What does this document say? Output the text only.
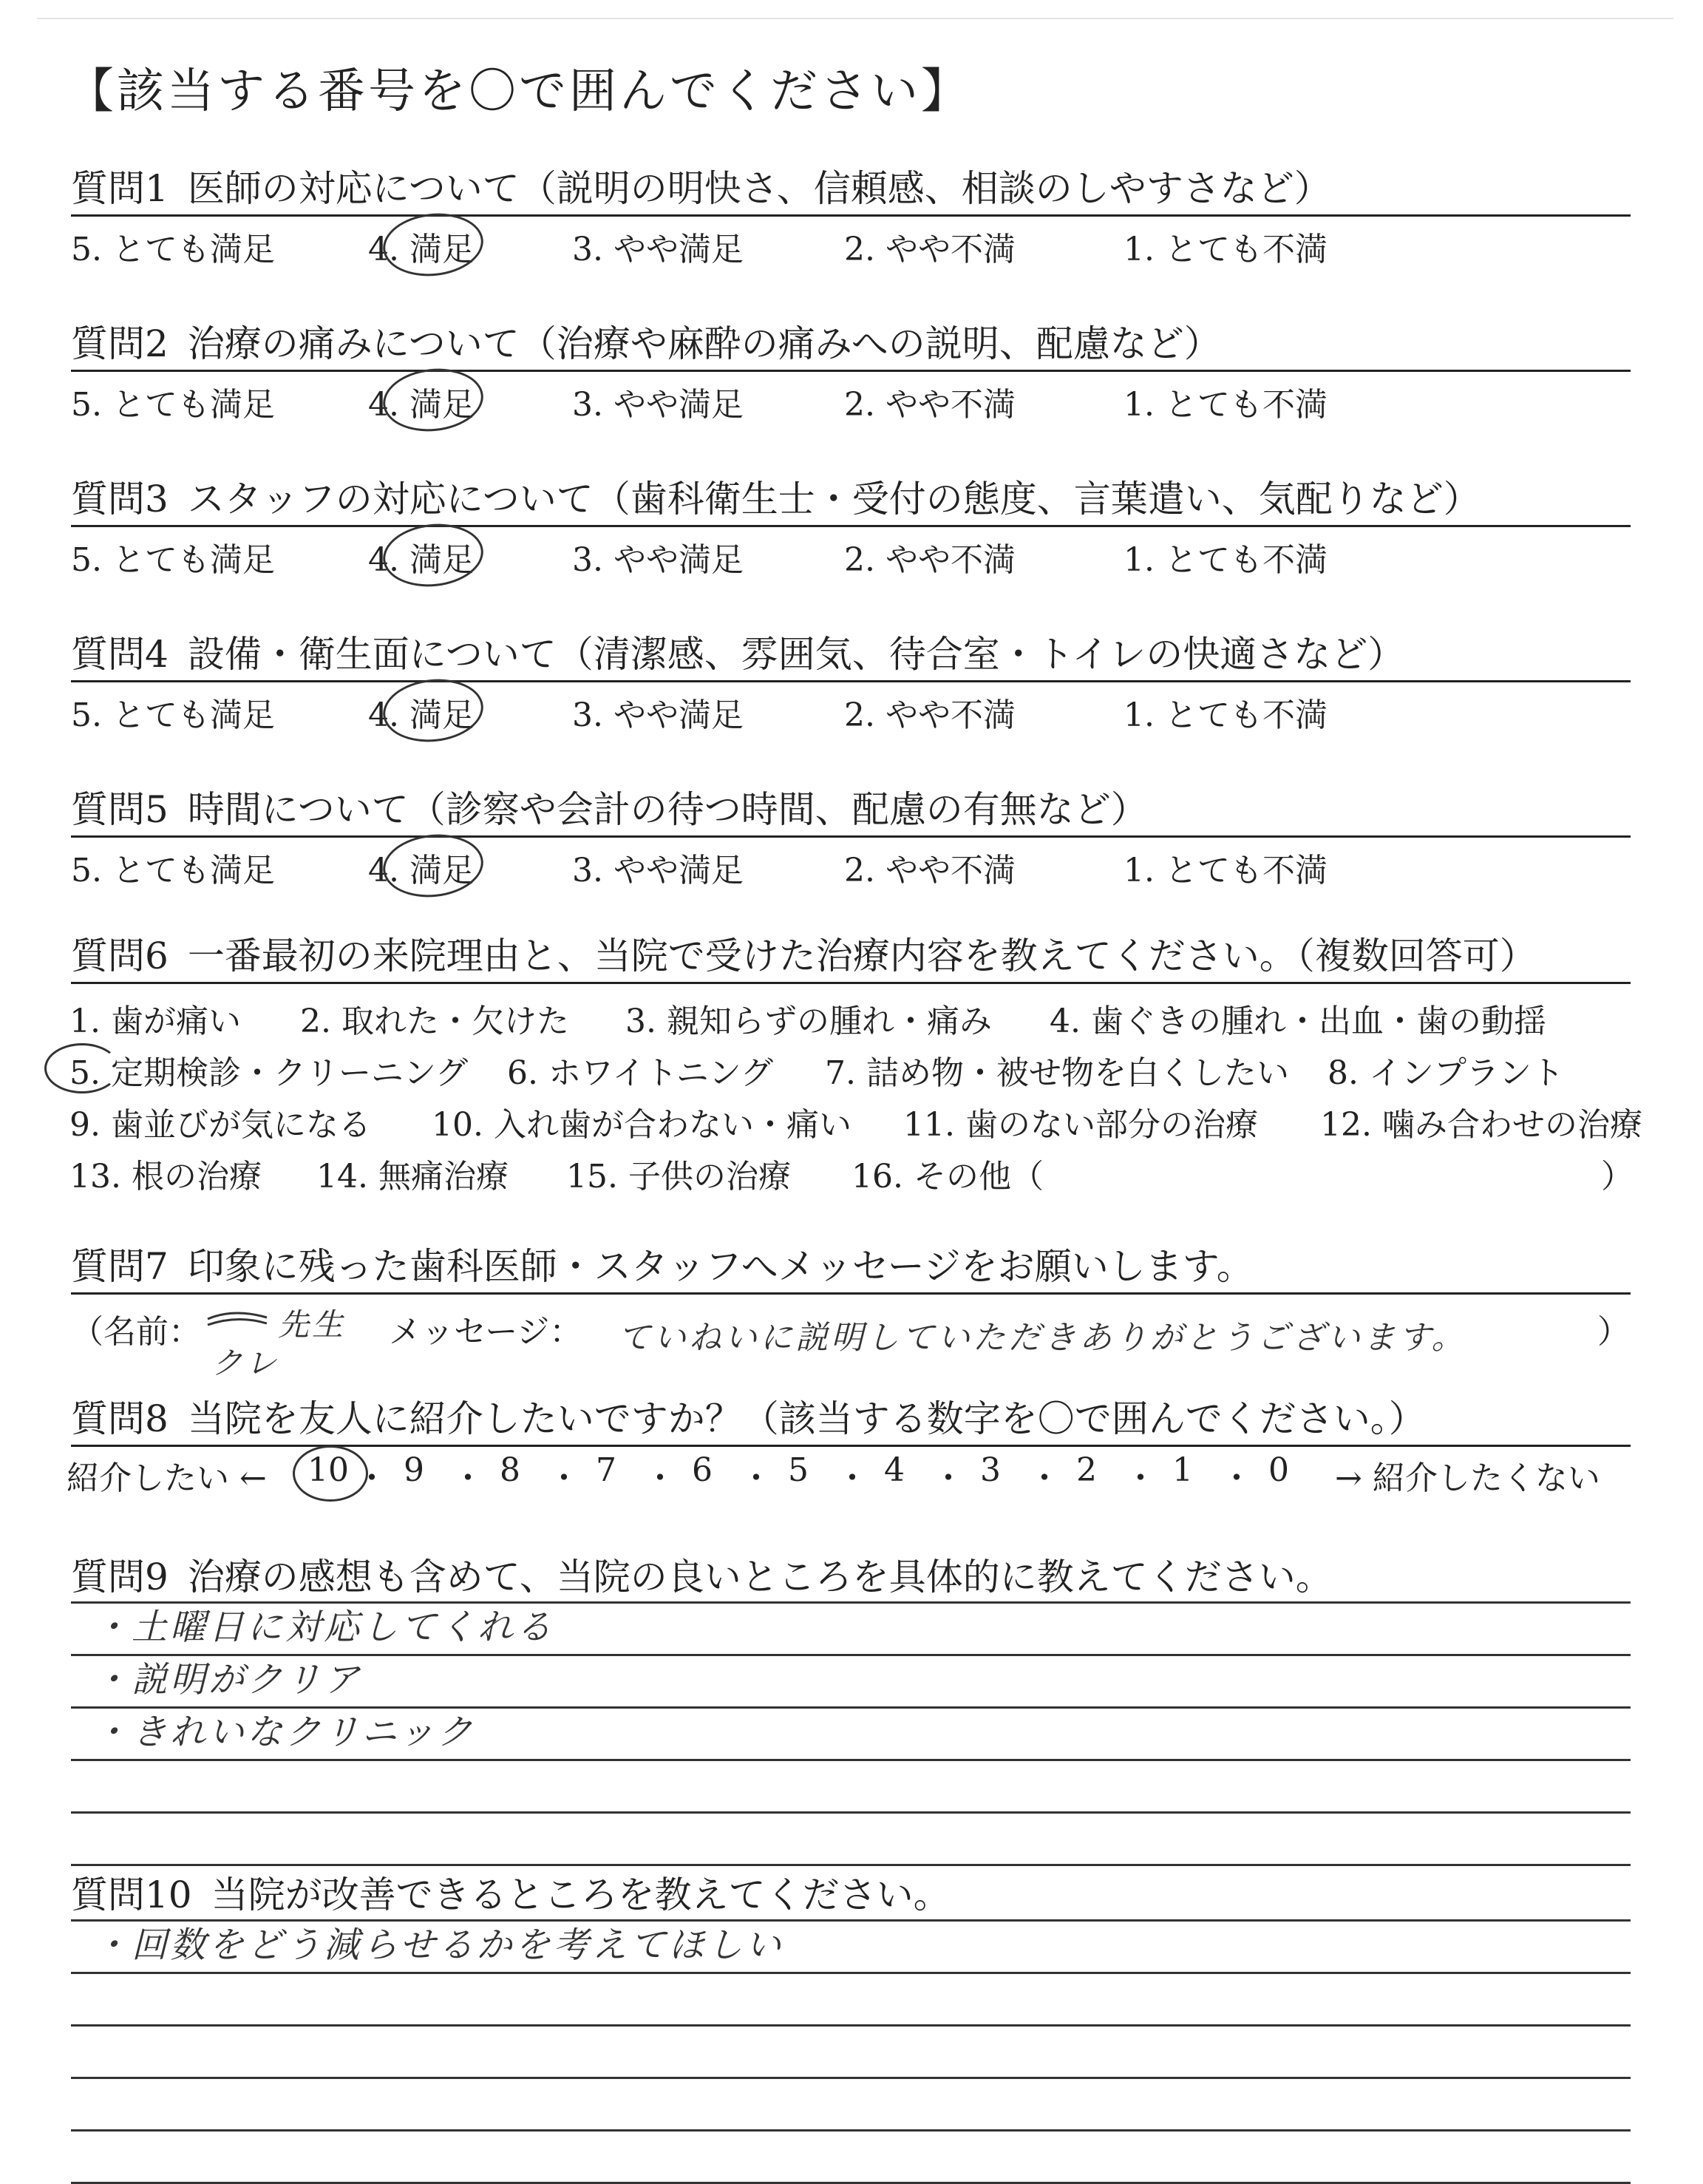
【該当する番号を〇で囲んでください】
質問1 医師の対応について（説明の明快さ、信頼感、相談のしやすさなど）
5. とても満足	4. 満足	3. やや満足	2. やや不満	1. とても不満
質問2 治療の痛みについて（治療や麻酔の痛みへの説明、配慮など）
5. とても満足	4. 満足	3. やや満足	2. やや不満	1. とても不満
質問3 スタッフの対応について（歯科衛生士・受付の態度、言葉遣い、気配りなど）
5. とても満足	4. 満足	3. やや満足	2. やや不満	1. とても不満
質問4 設備・衛生面について（清潔感、雰囲気、待合室・トイレの快適さなど）
5. とても満足	4. 満足	3. やや満足	2. やや不満	1. とても不満
質問5 時間について（診察や会計の待つ時間、配慮の有無など）
5. とても満足	4. 満足	3. やや満足	2. やや不満	1. とても不満
質問6 一番最初の来院理由と、当院で受けた治療内容を教えてください。（複数回答可）
1. 歯が痛い 2. 取れた・欠けた 3. 親知らずの腫れ・痛み 4. 歯ぐきの腫れ・出血・歯の動揺
5. 定期検診・クリーニング 6. ホワイトニング 7. 詰め物・被せ物を白くしたい 8. インプラント
9. 歯並びが気になる 10. 入れ歯が合わない・痛い 11. 歯のない部分の治療 12. 噛み合わせの治療
13. 根の治療 14. 無痛治療 15. 子供の治療 16. その他（	）
質問7 印象に残った歯科医師・スタッフへメッセージをお願いします。
（名前： 先生
クレ
メッセージ： ていねいに説明していただきありがとうございます。	）
質問8 当院を友人に紹介したいですか？（該当する数字を〇で囲んでください。）
紹介したい ←	→ 紹介したくない
10 ・ 9 ・ 8 ・ 7 ・ 6 ・ 5 ・ 4 ・ 3 ・ 2 ・ 1 ・ 0
質問9 治療の感想も含めて、当院の良いところを具体的に教えてください。
・土曜日に対応してくれる
・説明がクリア
・きれいなクリニック
質問10 当院が改善できるところを教えてください。
・回数をどう減らせるかを考えてほしい
